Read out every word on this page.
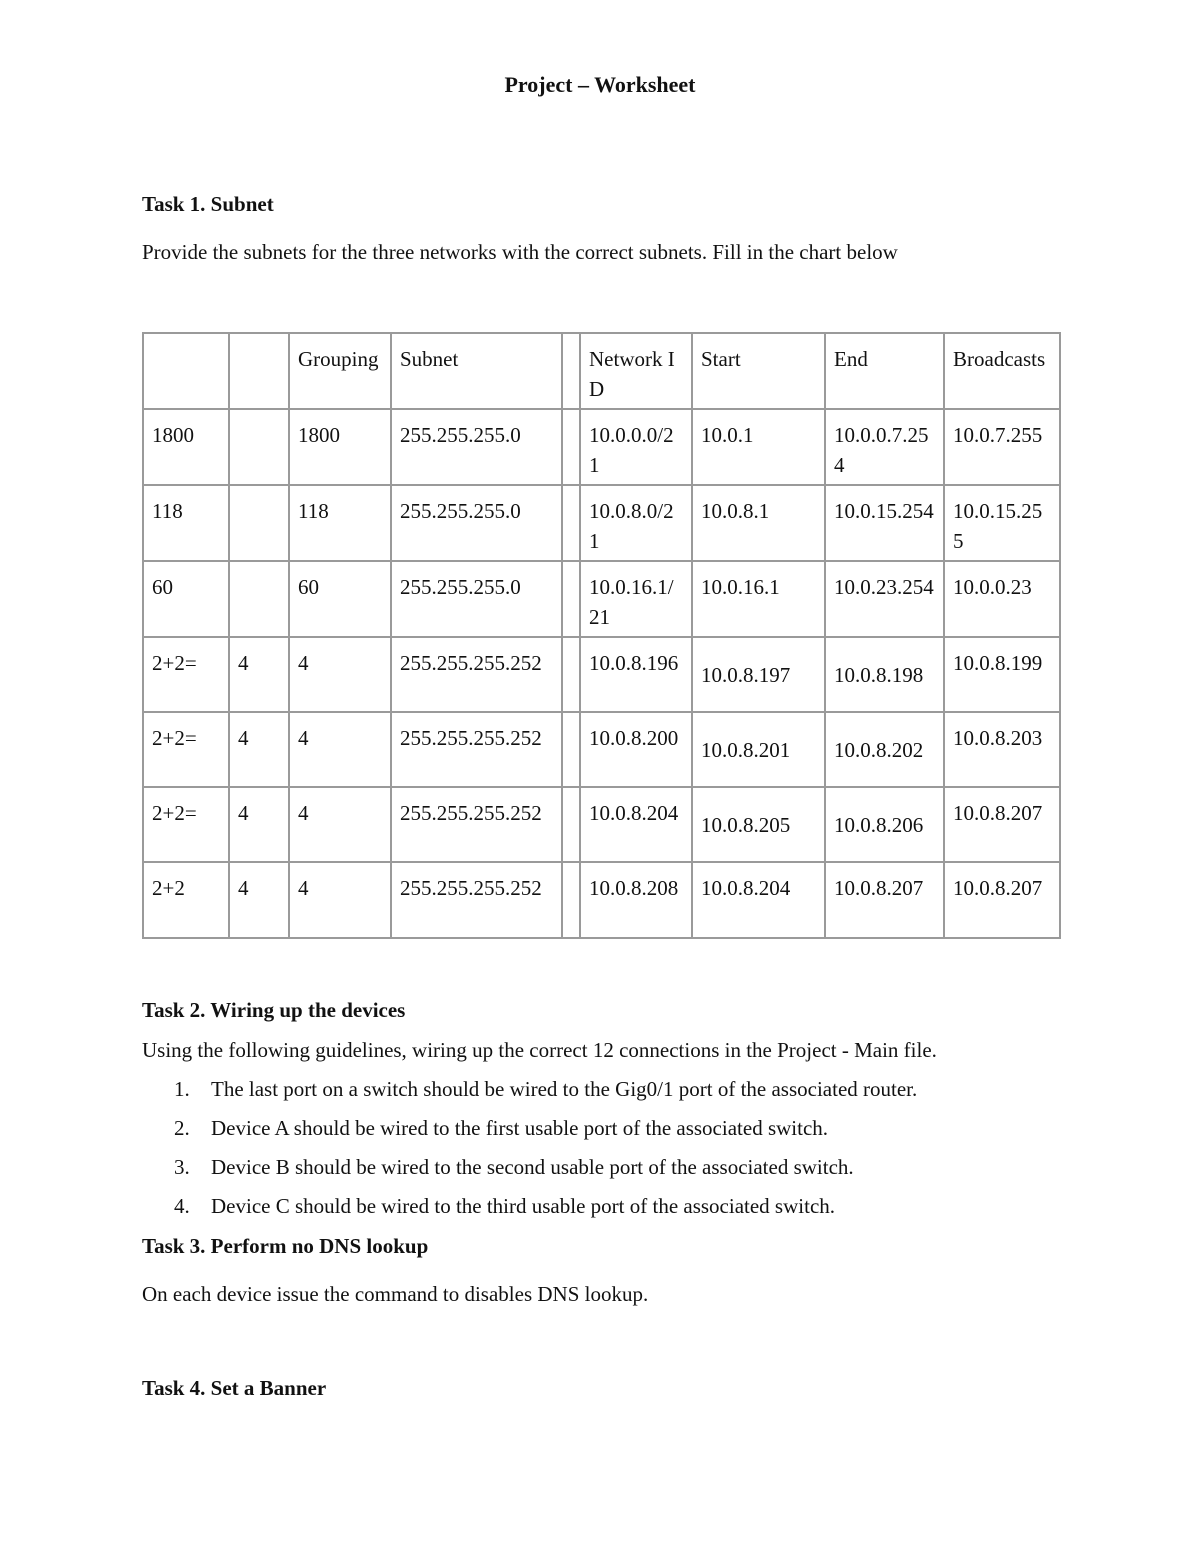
Project – Worksheet
Task 1. Subnet
Provide the subnets for the three networks with the correct subnets. Fill in the chart below
		Grouping	Subnet		Network ID	Start	End	Broadcasts
1800		1800	255.255.255.0		10.0.0.0/21	10.0.1	10.0.0.7.254	10.0.7.255
118		118	255.255.255.0		10.0.8.0/21	10.0.8.1	10.0.15.254	10.0.15.255
60		60	255.255.255.0		10.0.16.1/21	10.0.16.1	10.0.23.254	10.0.0.23
2+2=	4	4	255.255.255.252		10.0.8.196	10.0.8.197	10.0.8.198	10.0.8.199
2+2=	4	4	255.255.255.252		10.0.8.200	10.0.8.201	10.0.8.202	10.0.8.203
2+2=	4	4	255.255.255.252		10.0.8.204	10.0.8.205	10.0.8.206	10.0.8.207
2+2	4	4	255.255.255.252		10.0.8.208	10.0.8.204	10.0.8.207	10.0.8.207
Task 2. Wiring up the devices
Using the following guidelines, wiring up the correct 12 connections in the Project - Main file.
1. The last port on a switch should be wired to the Gig0/1 port of the associated router.
2. Device A should be wired to the first usable port of the associated switch.
3. Device B should be wired to the second usable port of the associated switch.
4. Device C should be wired to the third usable port of the associated switch.
Task 3. Perform no DNS lookup
On each device issue the command to disables DNS lookup.
Task 4. Set a Banner
